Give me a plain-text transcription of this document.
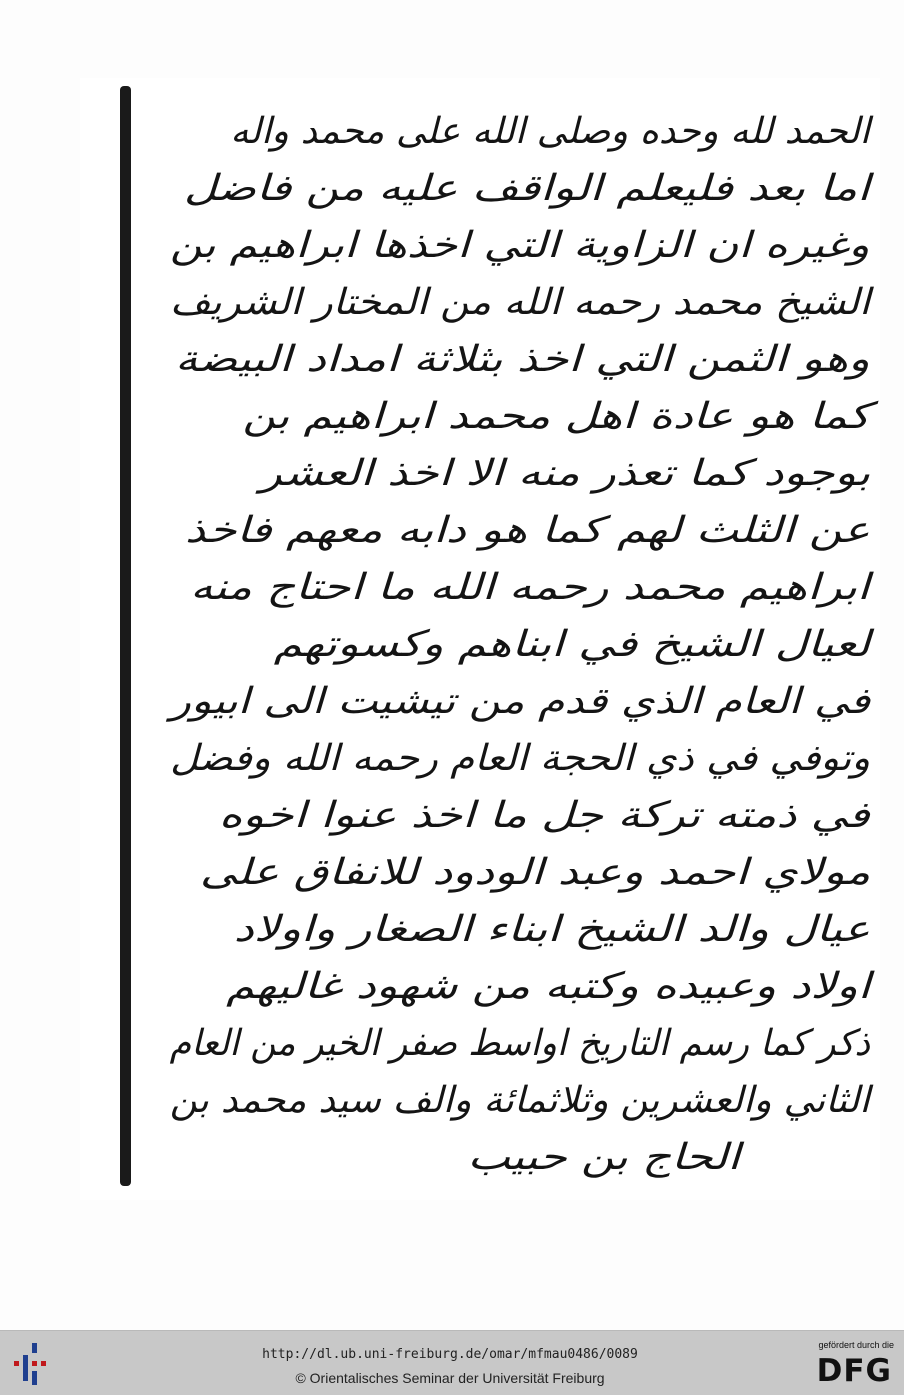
الحمد لله وحده وصلى الله على محمد واله
اما بعد فليعلم الواقف عليه من فاضل
وغيره ان الزاوية التي اخذها ابراهيم بن
الشيخ محمد رحمه الله من المختار الشريف
وهو الثمن التي اخذ بثلاثة امداد البيضة
كما هو عادة اهل محمد ابراهيم بن
بوجود كما تعذر منه الا اخذ العشر
عن الثلث لهم كما هو دابه معهم فاخذ
ابراهيم محمد رحمه الله ما احتاج منه
لعيال الشيخ في ابناهم وكسوتهم
في العام الذي قدم من تيشيت الى ابيور
وتوفي في ذي الحجة العام رحمه الله وفضل
في ذمته تركة جل ما اخذ عنوا اخوه
مولاي احمد وعبد الودود للانفاق على
عيال والد الشيخ ابناء الصغار واولاد
اولاد وعبيده وكتبه من شهود غاليهم
ذكر كما رسم التاريخ اواسط صفر الخير من العام
الثاني والعشرين وثلاثمائة والف سيد محمد بن
الحاج بن حبيب
http://dl.ub.uni-freiburg.de/omar/mfmau0486/0089
© Orientalisches Seminar der Universität Freiburg
gefördert durch die
DFG
